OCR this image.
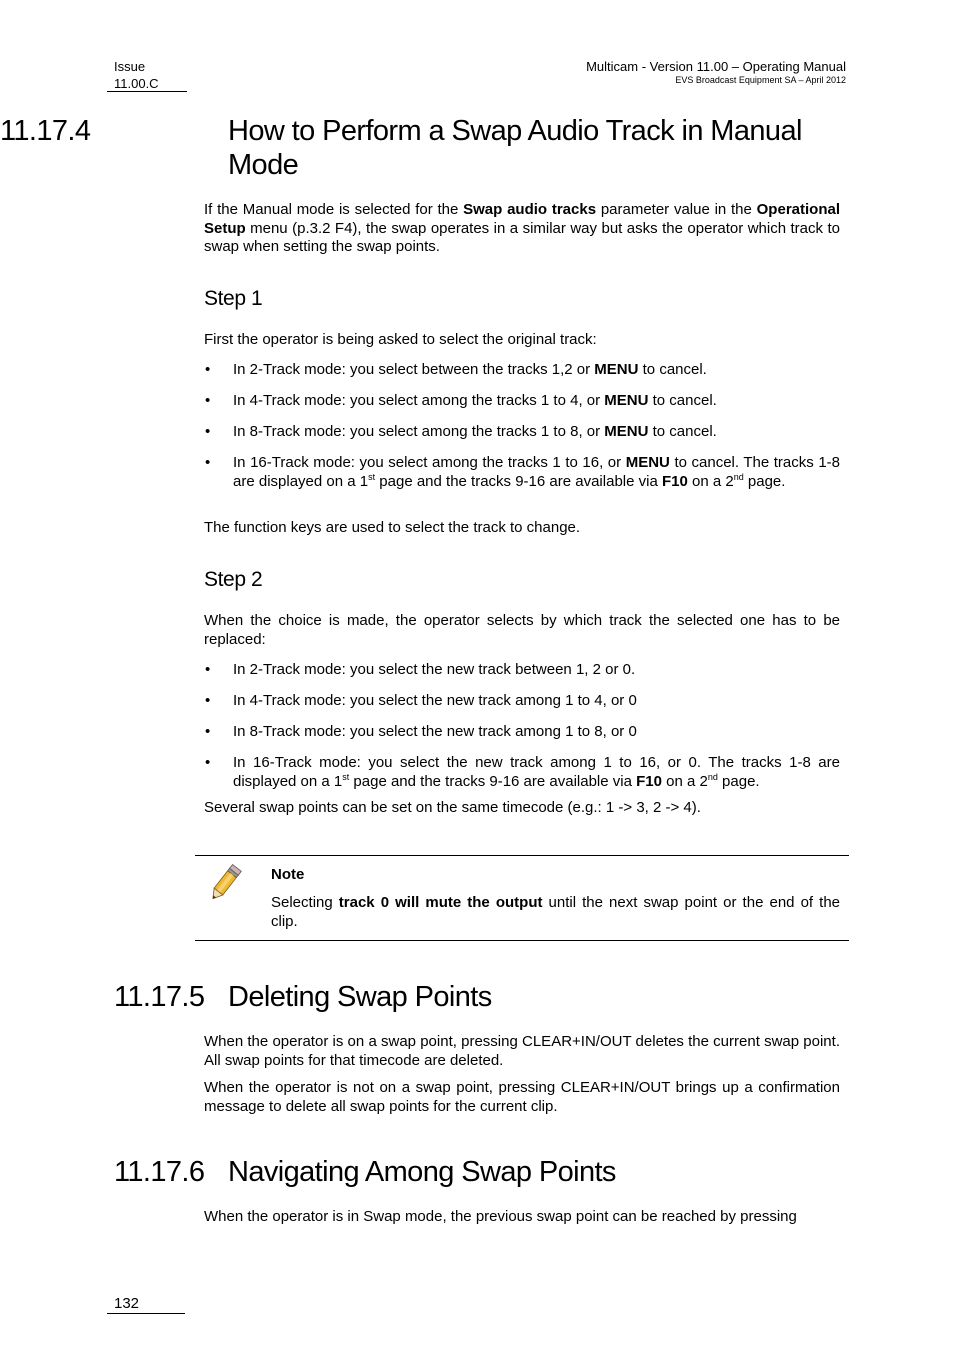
Issue
11.00.C
Multicam - Version 11.00 – Operating Manual
EVS Broadcast Equipment SA – April 2012
11.17.4	How to Perform a Swap Audio Track in Manual Mode

If the Manual mode is selected for the Swap audio tracks parameter value in the Operational Setup menu (p.3.2 F4), the swap operates in a similar way but asks the operator which track to swap when setting the swap points.

Step 1

First the operator is being asked to select the original track:

• In 2-Track mode: you select between the tracks 1,2 or MENU to cancel.
• In 4-Track mode: you select among the tracks 1 to 4, or MENU to cancel.
• In 8-Track mode: you select among the tracks 1 to 8, or MENU to cancel.
• In 16-Track mode: you select among the tracks 1 to 16, or MENU to cancel. The tracks 1-8 are displayed on a 1st page and the tracks 9-16 are available via F10 on a 2nd page.

The function keys are used to select the track to change.

Step 2

When the choice is made, the operator selects by which track the selected one has to be replaced:

• In 2-Track mode: you select the new track between 1, 2 or 0.
• In 4-Track mode: you select the new track among 1 to 4, or 0
• In 8-Track mode: you select the new track among 1 to 8, or 0
• In 16-Track mode: you select the new track among 1 to 16, or 0. The tracks 1-8 are displayed on a 1st page and the tracks 9-16 are available via F10 on a 2nd page.

Several swap points can be set on the same timecode (e.g.: 1 -> 3, 2 -> 4).

Note

Selecting track 0 will mute the output until the next swap point or the end of the clip.

11.17.5 Deleting Swap Points

When the operator is on a swap point, pressing CLEAR+IN/OUT deletes the current swap point. All swap points for that timecode are deleted.

When the operator is not on a swap point, pressing CLEAR+IN/OUT brings up a confirmation message to delete all swap points for the current clip.

11.17.6 Navigating Among Swap Points

When the operator is in Swap mode, the previous swap point can be reached by pressing

132
